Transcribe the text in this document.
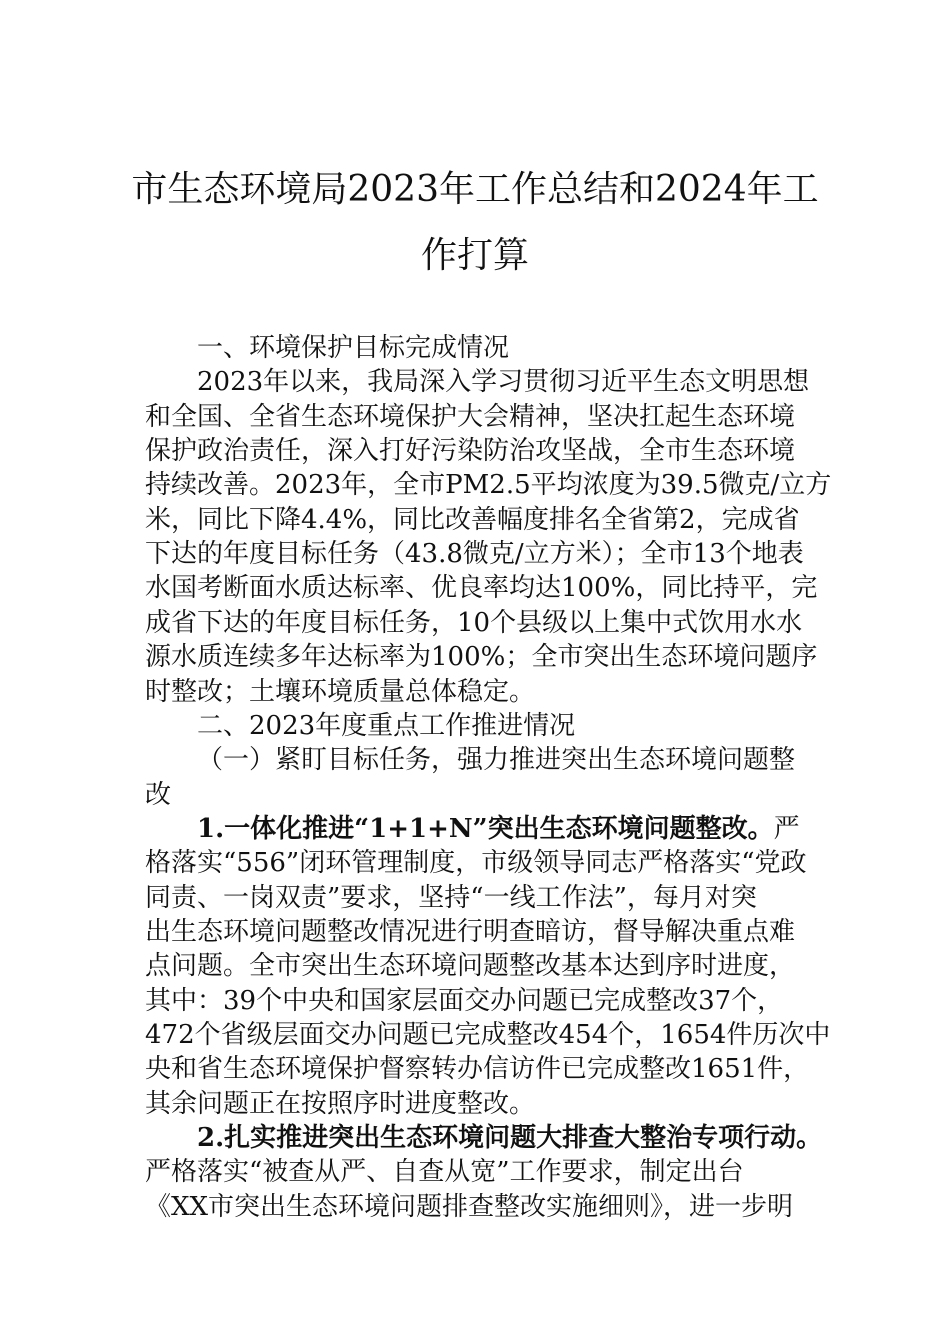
市生态环境局2023年工作总结和2024年工
作打算
一、环境保护目标完成情况
2023年以来，我局深入学习贯彻习近平生态文明思想
和全国、全省生态环境保护大会精神，坚决扛起生态环境
保护政治责任，深入打好污染防治攻坚战，全市生态环境
持续改善。2023年，全市PM2.5平均浓度为39.5微克/立方
米，同比下降4.4%，同比改善幅度排名全省第2，完成省
下达的年度目标任务（43.8微克/立方米）；全市13个地表
水国考断面水质达标率、优良率均达100%，同比持平，完
成省下达的年度目标任务，10个县级以上集中式饮用水水
源水质连续多年达标率为100%；全市突出生态环境问题序
时整改；土壤环境质量总体稳定。
二、2023年度重点工作推进情况
（一）紧盯目标任务，强力推进突出生态环境问题整
改
1.一体化推进“1+1+N”突出生态环境问题整改。严
格落实“556”闭环管理制度，市级领导同志严格落实“党政
同责、一岗双责”要求，坚持“一线工作法”，每月对突
出生态环境问题整改情况进行明查暗访，督导解决重点难
点问题。全市突出生态环境问题整改基本达到序时进度，
其中：39个中央和国家层面交办问题已完成整改37个，
472个省级层面交办问题已完成整改454个，1654件历次中
央和省生态环境保护督察转办信访件已完成整改1651件，
其余问题正在按照序时进度整改。
2.扎实推进突出生态环境问题大排查大整治专项行动。
严格落实“被查从严、自查从宽”工作要求，制定出台
《XX市突出生态环境问题排查整改实施细则》，进一步明
